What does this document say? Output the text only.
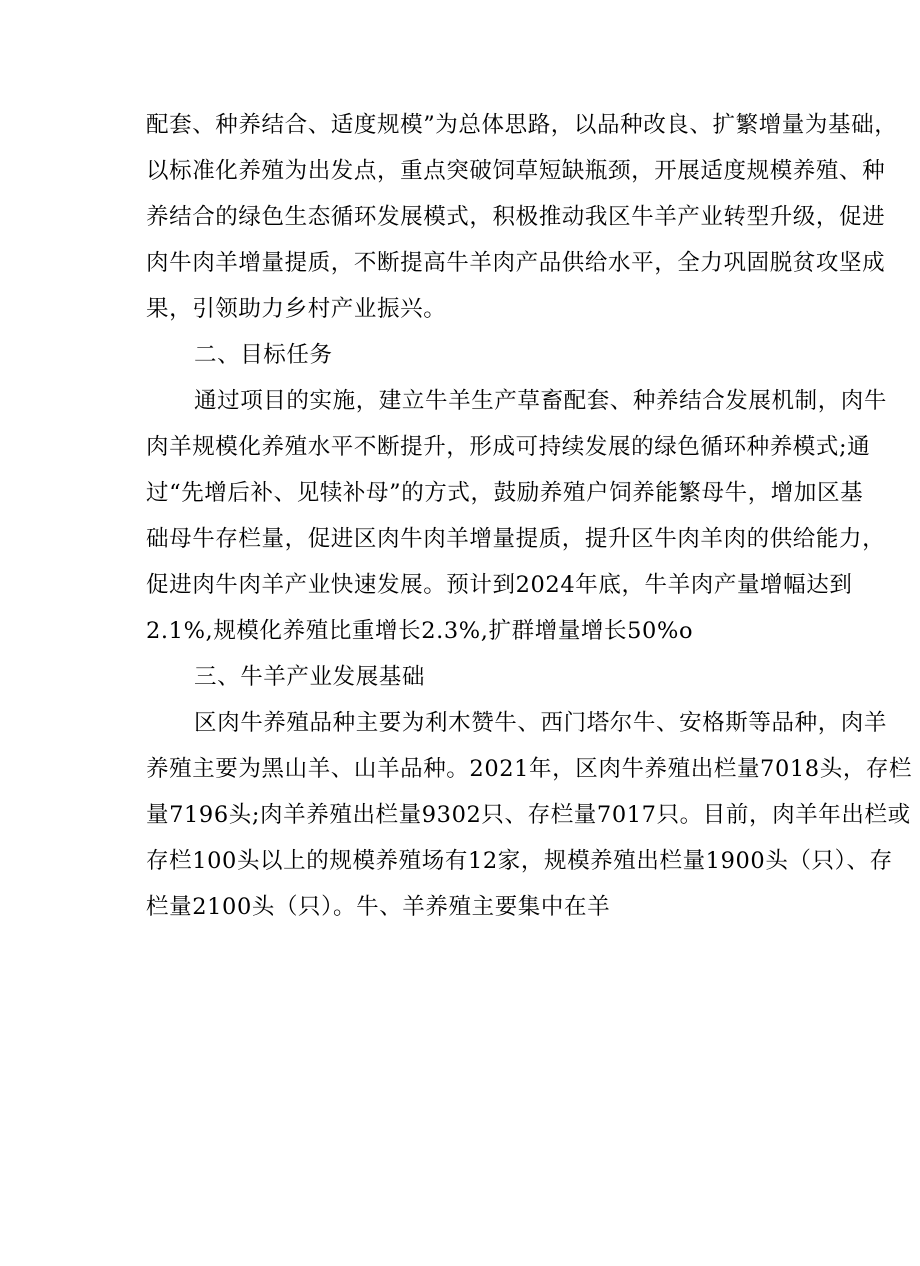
配套、种养结合、适度规模”为总体思路，以品种改良、扩繁增量为基础，
以标准化养殖为出发点，重点突破饲草短缺瓶颈，开展适度规模养殖、种
养结合的绿色生态循环发展模式，积极推动我区牛羊产业转型升级，促进
肉牛肉羊增量提质，不断提高牛羊肉产品供给水平，全力巩固脱贫攻坚成
果，引领助力乡村产业振兴。
二、目标任务
通过项目的实施，建立牛羊生产草畜配套、种养结合发展机制，肉牛
肉羊规模化养殖水平不断提升，形成可持续发展的绿色循环种养模式;通
过“先增后补、见犊补母”的方式，鼓励养殖户饲养能繁母牛，增加区基
础母牛存栏量，促进区肉牛肉羊增量提质，提升区牛肉羊肉的供给能力，
促进肉牛肉羊产业快速发展。预计到2024年底，牛羊肉产量增幅达到
2.1%,规模化养殖比重增长2.3%,扩群增量增长50%o
三、牛羊产业发展基础
区肉牛养殖品种主要为利木赞牛、西门塔尔牛、安格斯等品种，肉羊
养殖主要为黑山羊、山羊品种。2021年，区肉牛养殖出栏量7018头，存栏
量7196头;肉羊养殖出栏量9302只、存栏量7017只。目前，肉羊年出栏或
存栏100头以上的规模养殖场有12家，规模养殖出栏量1900头（只）、存
栏量2100头（只）。牛、羊养殖主要集中在羊
